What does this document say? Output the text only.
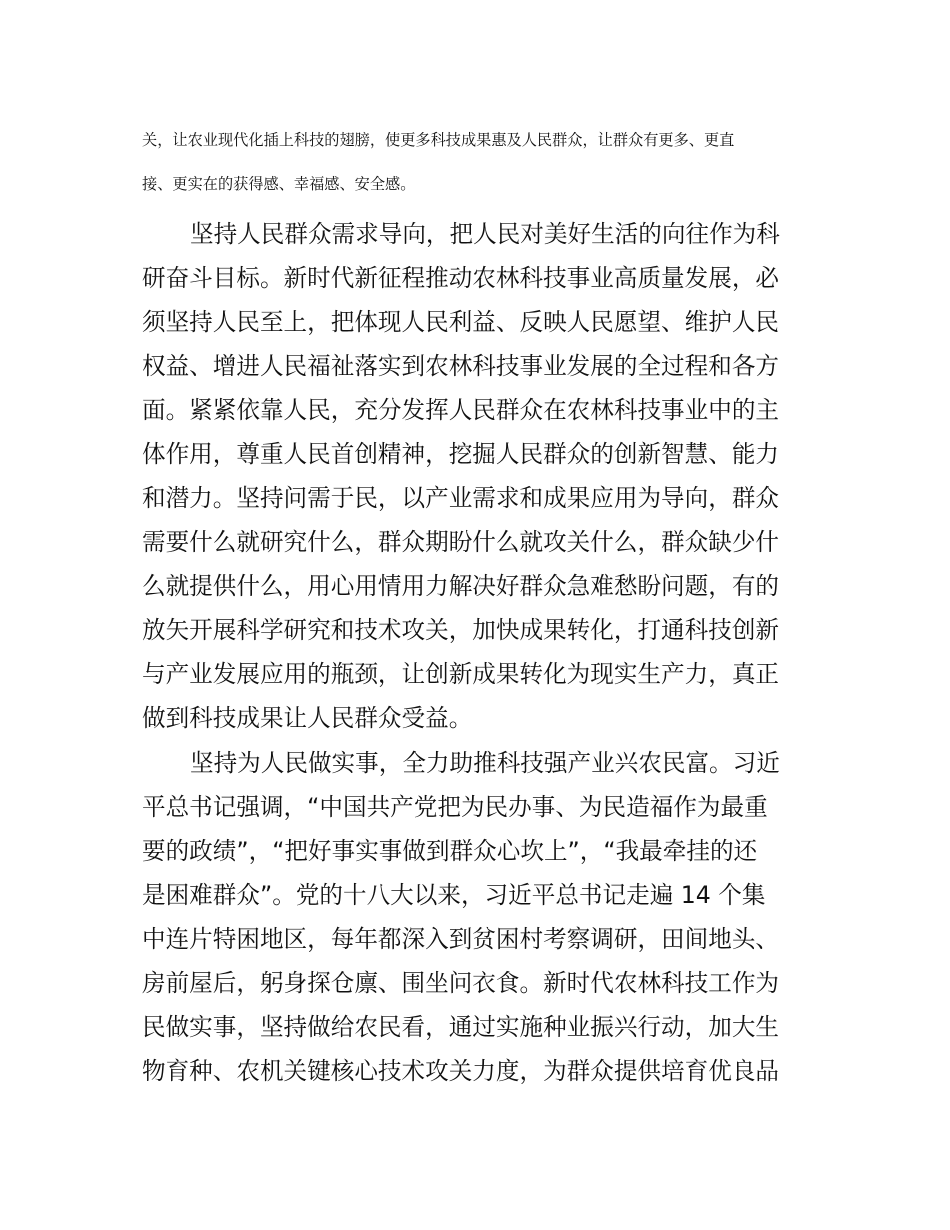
关，让农业现代化插上科技的翅膀，使更多科技成果惠及人民群众，让群众有更多、更直
接、更实在的获得感、幸福感、安全感。
坚持人民群众需求导向，把人民对美好生活的向往作为科
研奋斗目标。新时代新征程推动农林科技事业高质量发展，必
须坚持人民至上，把体现人民利益、反映人民愿望、维护人民
权益、增进人民福祉落实到农林科技事业发展的全过程和各方
面。紧紧依靠人民，充分发挥人民群众在农林科技事业中的主
体作用，尊重人民首创精神，挖掘人民群众的创新智慧、能力
和潜力。坚持问需于民，以产业需求和成果应用为导向，群众
需要什么就研究什么，群众期盼什么就攻关什么，群众缺少什
么就提供什么，用心用情用力解决好群众急难愁盼问题，有的
放矢开展科学研究和技术攻关，加快成果转化，打通科技创新
与产业发展应用的瓶颈，让创新成果转化为现实生产力，真正
做到科技成果让人民群众受益。
坚持为人民做实事，全力助推科技强产业兴农民富。习近
平总书记强调，“中国共产党把为民办事、为民造福作为最重
要的政绩”，“把好事实事做到群众心坎上”，“我最牵挂的还
是困难群众”。党的十八大以来，习近平总书记走遍 14 个集
中连片特困地区，每年都深入到贫困村考察调研，田间地头、
房前屋后，躬身探仓廪、围坐问衣食。新时代农林科技工作为
民做实事，坚持做给农民看，通过实施种业振兴行动，加大生
物育种、农机关键核心技术攻关力度，为群众提供培育优良品
